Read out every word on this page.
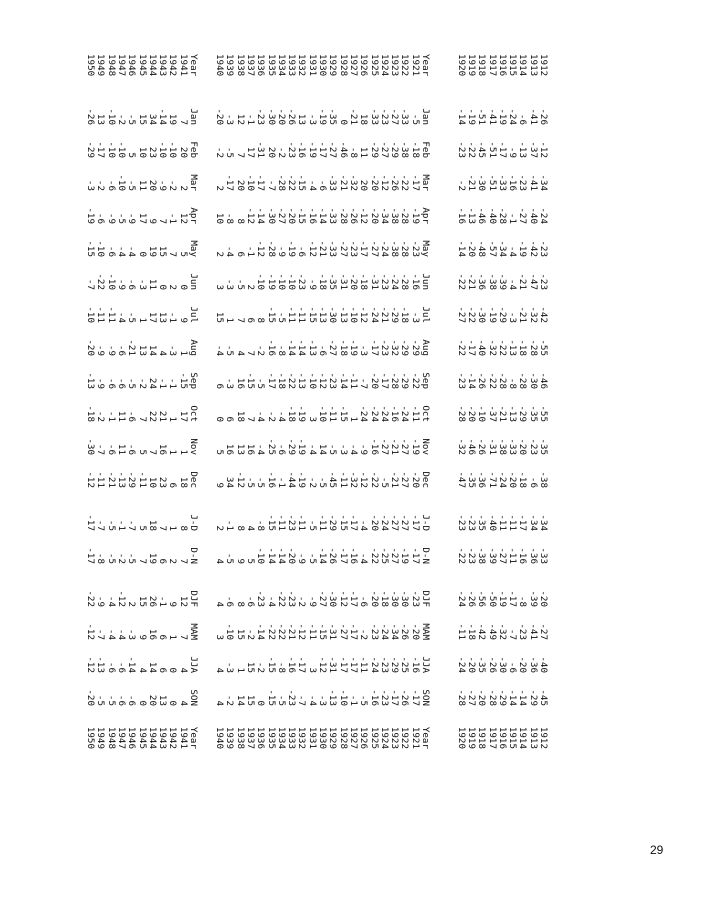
1912
-26
-12
-34
-24
-23
-23
-42
-55
-46
-55
-35
-38
-34
-33
-20
-27
-40
-45
1912
1913
-41
-37
-41
-40
-42
-47
-32
-28
-30
-35
-23
-6
-34
-36
-39
-41
-36
-29
1913
1914
-6
-13
-23
-27
-19
-21
-21
-18
-28
-29
-20
-18
-17
-16
-8
-23
-20
-14
1914
1915
-24
-9
-16
-1
-4
-4
-3
-13
-8
-13
-33
-20
-11
-11
-17
-7
-6
-14
1915
1916
-19
-17
-33
-28
-34
-39
-29
-22
-28
-21
-38
-24
-11
-27
-19
-32
-30
-29
1916
1917
-41
-51
-51
-40
-57
-38
-19
-32
-22
-37
-31
-71
-40
-39
-50
-49
-26
-28
1917
1918
-51
-45
-30
-46
-48
-36
-30
-40
-26
-10
-26
-36
-35
-38
-56
-42
-35
-20
1918
1919
-19
-22
-21
-13
-20
-21
-22
-17
-14
-20
-46
-35
-23
-23
-26
-18
-20
-27
1919
1920
-14
-23
-2
-16
-14
-22
-27
-22
-23
-28
-32
-47
-23
-22
-24
-11
-24
-28
1920
Year
Jan
Feb
Mar
Apr
May
Jun
Jul
Aug
Sep
Oct
Nov
Dec
J-D
D-N
DJF
MAM
JJA
SON
Year
1921
-5
-18
-17
-19
-23
-16
-3
-29
-22
-11
-19
-20
-17
-17
-23
-20
-16
-17
1921
1922
-33
-38
-22
-28
-28
-28
-18
-29
-29
-24
-27
-27
-27
-19
-30
-26
-25
-26
1922
1923
-27
-29
-26
-38
-38
-24
-29
-32
-28
-16
-21
-21
-27
-27
-30
-34
-29
-17
1923
1924
-23
-27
-12
-34
-24
-23
-21
-23
-17
-24
-27
-5
-24
-25
-18
-24
-23
-23
1924
1925
-33
-29
-20
-20
-27
-31
-24
-17
-20
-24
-16
-22
-20
-22
-20
-23
-24
-16
1925
1926
18
11
20
-12
-17
-18
-12
-3
-7
-24
-9
-12
-4
-4
-6
-2
-11
-5
1926
1927
-21
-8
-32
-26
-23
-20
-10
-19
-11
1
-4
-32
-17
-16
-17
-17
-17
-1
1927
1928
0
-46
-21
-28
-27
-31
-13
-18
-14
-15
-3
-11
-15
-17
-12
-27
-17
-10
1928
1929
-35
-27
-33
-33
-33
-35
-30
-27
-23
-11
-5
-45
-29
-26
-30
-31
-31
-13
1929
1930
-19
-17
-6
-14
-21
-18
-13
-6
-12
-10
14
-5
-11
-14
-27
-15
-12
-3
1930
1931
-3
-19
-4
-16
-12
-9
-15
-13
-10
3
-4
-2
-5
-5
-9
-11
3
-4
1931
1932
13
-16
-15
-15
-6
-23
-11
-14
-13
-19
-19
-19
-11
-9
-2
-12
-17
-7
1932
1933
-26
-23
-22
-20
-19
-10
-11
-14
-22
-18
-29
-44
-23
-20
-23
-21
-16
-23
1933
1934
-20
-2
-28
-27
-9
-10
-5
-8
-18
-4
-6
-1
-11
-14
-22
-22
-8
-5
1934
1935
-30
20
-7
-30
-28
-19
-15
-16
-17
-2
-25
-16
-15
-14
-4
-22
-15
-15
1935
1936
-23
-31
-17
-14
-12
-10
8
-2
-5
-4
-4
-5
-8
-10
-23
-14
-2
0
1936
1937
-1
17
-10
-12
-1
2
6
7
-15
7
16
-5
4
5
-6
-2
15
15
1937
1938
12
7
20
8
6
-5
7
4
16
18
13
-12
8
9
8
15
1
14
1938
1939
-3
-5
-17
-8
-4
-3
1
-5
-3
6
16
34
-1
-5
-6
-10
-3
-2
1939
1940
-20
-2
2
10
2
3
15
-4
6
0
5
9
2
4
4
3
4
4
1940
Year
Jan
Feb
Mar
Apr
May
Jun
Jul
Aug
Sep
Oct
Nov
Dec
J-D
D-N
DJF
MAM
JJA
SON
Year
1941
7
20
2
12
5
0
9
1
-15
17
1
18
8
7
12
7
4
4
1941
1942
19
-10
-2
-1
7
2
-1
-3
-1
1
1
6
1
2
9
1
0
0
1942
1943
-14
-10
-9
7
15
0
13
4
-1
21
16
23
7
6
-1
6
6
13
1943
1944
34
23
20
9
19
11
17
14
24
22
7
10
18
19
26
16
14
20
1944
1945
15
10
11
17
0
-3
1
13
-2
7
5
-11
5
7
15
9
4
0
1945
1946
-5
5
-5
-9
-4
-6
-5
-21
-5
-6
-6
-29
-7
-5
2
-3
-14
-6
1946
1947
-2
-10
-10
-5
-4
-9
-4
-6
-6
11
11
-13
-1
-2
-12
-4
-6
-6
1947
1948
-10
-10
-6
-9
-6
-10
-11
-9
-6
-1
-6
-21
-5
-5
-4
-4
-6
-5
1948
1949
13
-17
-2
-6
-10
-22
-11
-9
-9
-2
-7
-11
-7
-8
-9
-7
-13
-5
1949
1950
-26
-29
-3
-19
-15
-7
-10
-20
-13
-18
-30
-12
-17
-17
-22
-12
-12
-20
1950
29
